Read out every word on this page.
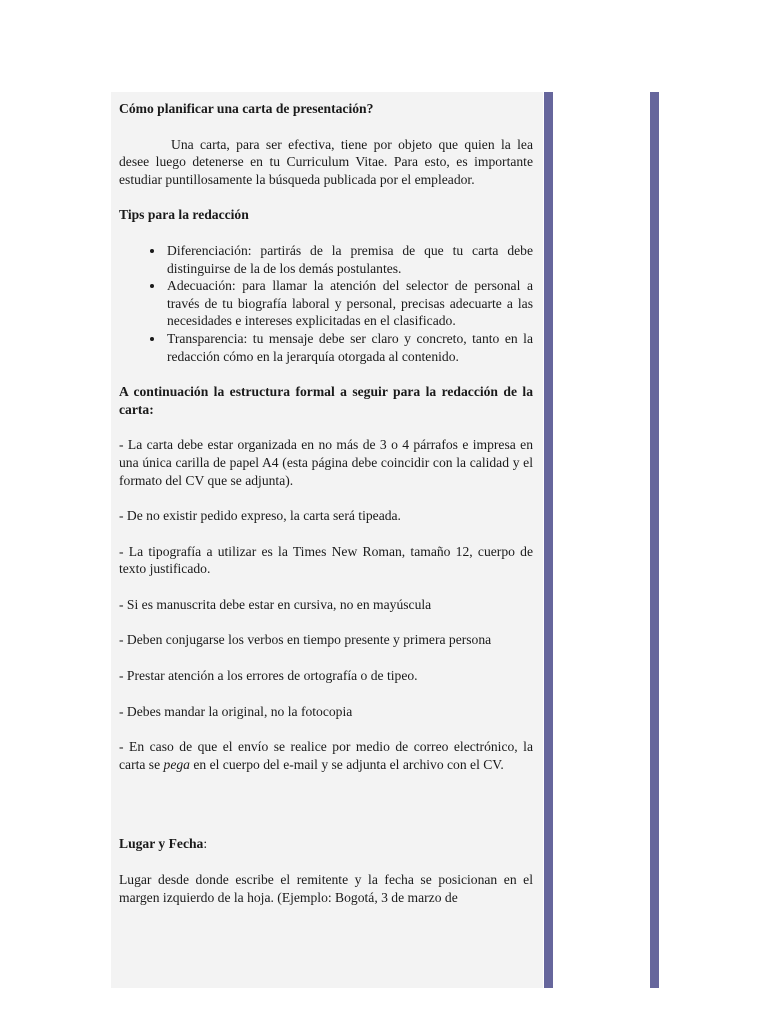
Cómo planificar una carta de presentación?

Una carta, para ser efectiva, tiene por objeto que quien la lea desee luego detenerse en tu Curriculum Vitae. Para esto, es importante estudiar puntillosamente la búsqueda publicada por el empleador.

Tips para la redacción

• Diferenciación: partirás de la premisa de que tu carta debe distinguirse de la de los demás postulantes.
• Adecuación: para llamar la atención del selector de personal a través de tu biografía laboral y personal, precisas adecuarte a las necesidades e intereses explicitadas en el clasificado.
• Transparencia: tu mensaje debe ser claro y concreto, tanto en la redacción cómo en la jerarquía otorgada al contenido.

A continuación la estructura formal a seguir para la redacción de la carta:

- La carta debe estar organizada en no más de 3 o 4 párrafos e impresa en una única carilla de papel A4 (esta página debe coincidir con la calidad y el formato del CV que se adjunta).

- De no existir pedido expreso, la carta será tipeada.

- La tipografía a utilizar es la Times New Roman, tamaño 12, cuerpo de texto justificado.

- Si es manuscrita debe estar en cursiva, no en mayúscula

- Deben conjugarse los verbos en tiempo presente y primera persona

- Prestar atención a los errores de ortografía o de tipeo.

- Debes mandar la original, no la fotocopia

- En caso de que el envío se realice por medio de correo electrónico, la carta se pega en el cuerpo del e-mail y se adjunta el archivo con el CV.

Lugar y Fecha:

Lugar desde donde escribe el remitente y la fecha se posicionan en el margen izquierdo de la hoja. (Ejemplo: Bogotá, 3 de marzo de
